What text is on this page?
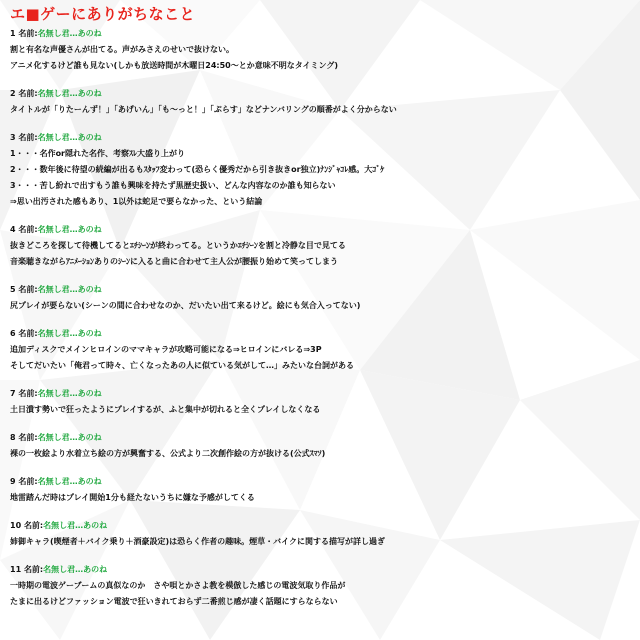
エ■ゲーにありがちなこと
1 名前:名無し君…あのね
割と有名な声優さんが出てる。声がみさえのせいで抜けない。
アニメ化するけど誰も見ない(しかも放送時間が木曜日24:50〜とか意味不明なタイミング)
2 名前:名無し君…あのね
タイトルが「りたーんず！」「あげいん」「も〜っと！」「ぷらす」などナンバリングの順番がよく分からない
3 名前:名無し君…あのね
1・・・名作or隠れた名作、考察ｽﾚ大盛り上がり
2・・・数年後に待望の続編が出るもｽﾀｯﾌ変わって(恐らく優秀だから引き抜きor独立)ﾅﾝｼﾞｬｺﾚ感。大ｺﾞｹ
3・・・苦し紛れで出すもう誰も興味を持たず黒歴史扱い、どんな内容なのか誰も知らない
⇒思い出汚された感もあり、1以外は蛇足で要らなかった、という結論
4 名前:名無し君…あのね
抜きどころを探して待機してるとｴﾁｼｰﾝが終わってる。というかｴﾁｼｰﾝを割と冷静な目で見てる
音楽聴きながらｱﾆﾒｰｼｮﾝありのｼｰﾝに入ると曲に合わせて主人公が腰振り始めて笑ってしまう
5 名前:名無し君…あのね
尻プレイが要らない(シーンの間に合わせなのか、だいたい出て来るけど。絵にも気合入ってない)
6 名前:名無し君…あのね
追加ディスクでメインヒロインのママキャラが攻略可能になる⇒ヒロインにバレる⇒3P
そしてだいたい「俺君って時々、亡くなったあの人に似ている気がして…」みたいな台詞がある
7 名前:名無し君…あのね
土日潰す勢いで狂ったようにプレイするが、ふと集中が切れると全くプレイしなくなる
8 名前:名無し君…あのね
裸の一枚絵より水着立ち絵の方が興奮する、公式より二次創作絵の方が抜ける(公式ｽﾏｿ)
9 名前:名無し君…あのね
地雷踏んだ時はプレイ開始1分も経たないうちに嫌な予感がしてくる
10 名前:名無し君…あのね
姉御キャラ(喫煙者＋バイク乗り＋酒豪設定)は恐らく作者の趣味。煙草・バイクに関する描写が詳し過ぎ
11 名前:名無し君…あのね
一時期の電波ゲーブームの真似なのか　さや唄とかさよ教を模倣した感じの電波気取り作品が
たまに出るけどファッション電波で狂いきれておらず二番煎じ感が凄く話題にすらならない
